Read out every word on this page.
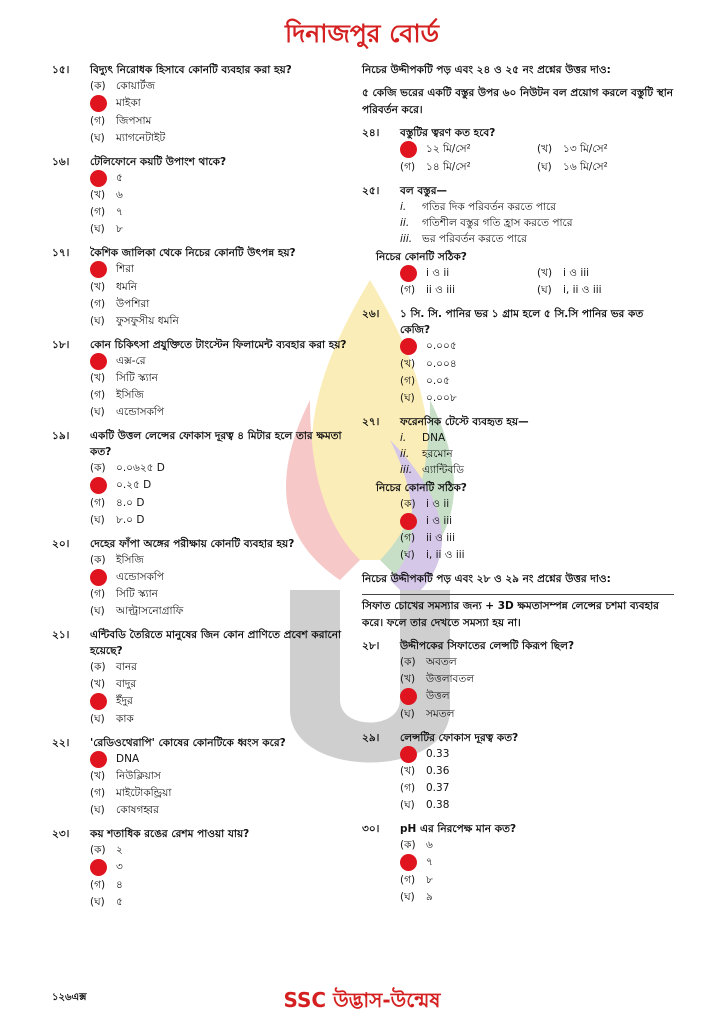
দিনাজপুর বোর্ড
১৫।	বিদ্যুৎ নিরোধক হিসাবে কোনটি ব্যবহার করা হয়?
(ক) কোয়ার্টজ
মাইকা
(গ)	জিপসাম
(ঘ)	ম্যাগনেটাইট
১৬।	টেলিফোনে কয়টি উপাংশ থাকে?
৫
(খ)	৬
(গ)	৭
(ঘ)	৮
১৭।	কৈশিক জালিকা থেকে নিচের কোনটি উৎপন্ন হয়?
শিরা
(খ)	ধমনি
(গ)	উপশিরা
(ঘ)	ফুসফুসীয় ধমনি
১৮।	কোন চিকিৎসা প্রযুক্তিতে টাংস্টেন ফিলামেন্ট ব্যবহার করা হয়?
এক্স-রে
(খ)	সিটি স্ক্যান
(গ)	ইসিজি
(ঘ)	এন্ডোসকপি
১৯।	একটি উত্তল লেন্সের ফোকাস দূরত্ব ৪ মিটার হলে তার ক্ষমতা কত?
(ক) ০.০৬২৫ D
০.২৫ D
(গ)	৪.০ D
(ঘ)	৮.০ D
২০।	দেহের ফাঁপা অঙ্গের পরীক্ষায় কোনটি ব্যবহার হয়?
(ক) ইসিজি
এন্ডোসকপি
(গ)	সিটি স্ক্যান
(ঘ)	আল্ট্রাসনোগ্রাফি
২১।	এন্টিবডি তৈরিতে মানুষের জিন কোন প্রাণিতে প্রবেশ করানো হয়েছে?
(ক) বানর
(খ)	বাদুর
ইঁদুর
(ঘ)	কাক
২২।	'রেডিওথেরাপি' কোষের কোনটিকে ধ্বংস করে?
DNA
(খ)	নিউক্লিয়াস
(গ)	মাইটোকন্ড্রিয়া
(ঘ)	কোষগহ্বর
২৩।	কয় শতাধিক রঙের রেশম পাওয়া যায়?
(ক) ২
৩
(গ)	৪
(ঘ)	৫
নিচের উদ্দীপকটি পড় এবং ২৪ ও ২৫ নং প্রশ্নের উত্তর দাও:
৫ কেজি ভরের একটি বস্তুর উপর ৬০ নিউটন বল প্রয়োগ করলে বস্তুটি স্থান পরিবর্তন করে।
২৪।	বস্তুটির ত্বরণ কত হবে?
১২ মি/সে²	(খ)	১৩ মি/সে²
(গ)	১৪ মি/সে²	(ঘ)	১৬ মি/সে²
২৫।	বল বস্তুর—
i.	গতির দিক পরিবর্তন করতে পারে
ii.	গতিশীল বস্তুর গতি হ্রাস করতে পারে
iii. ভর পরিবর্তন করতে পারে
নিচের কোনটি সঠিক?
i ও ii	(খ)	i ও iii
(গ)	ii ও iii	(ঘ)	i, ii ও iii
২৬।	১ সি. সি. পানির ভর ১ গ্রাম হলে ৫ সি.সি পানির ভর কত কেজি?
০.০০৫
(খ)	০.০০৪
(গ)	০.০৫
(ঘ)	০.০০৮
২৭।	ফরেনসিক টেস্টে ব্যবহৃত হয়—
i.	DNA
ii.	হরমোন
iii. এ্যান্টিবডি
নিচের কোনটি সঠিক?
(ক) i ও ii
i ও iii
(গ)	ii ও iii
(ঘ)	i, ii ও iii
নিচের উদ্দীপকটি পড় এবং ২৮ ও ২৯ নং প্রশ্নের উত্তর দাও:
সিফাত চোখের সমস্যার জন্য + 3D ক্ষমতাসম্পন্ন লেন্সের চশমা ব্যবহার করে। ফলে তার দেখতে সমস্যা হয় না।
২৮।	উদ্দীপকের সিফাতের লেন্সটি কিরূপ ছিল?
(ক) অবতল
(খ)	উত্তলাবতল
উত্তল
(ঘ)	সমতল
২৯।	লেন্সটির ফোকাস দূরত্ব কত?
0.33
(খ)	0.36
(গ)	0.37
(ঘ)	0.38
৩০।	pH এর নিরপেক্ষ মান কত?
(ক) ৬
৭
(গ)	৮
(ঘ)	৯
১২৬এক্স	SSC উদ্ভাস-উন্মেষ
